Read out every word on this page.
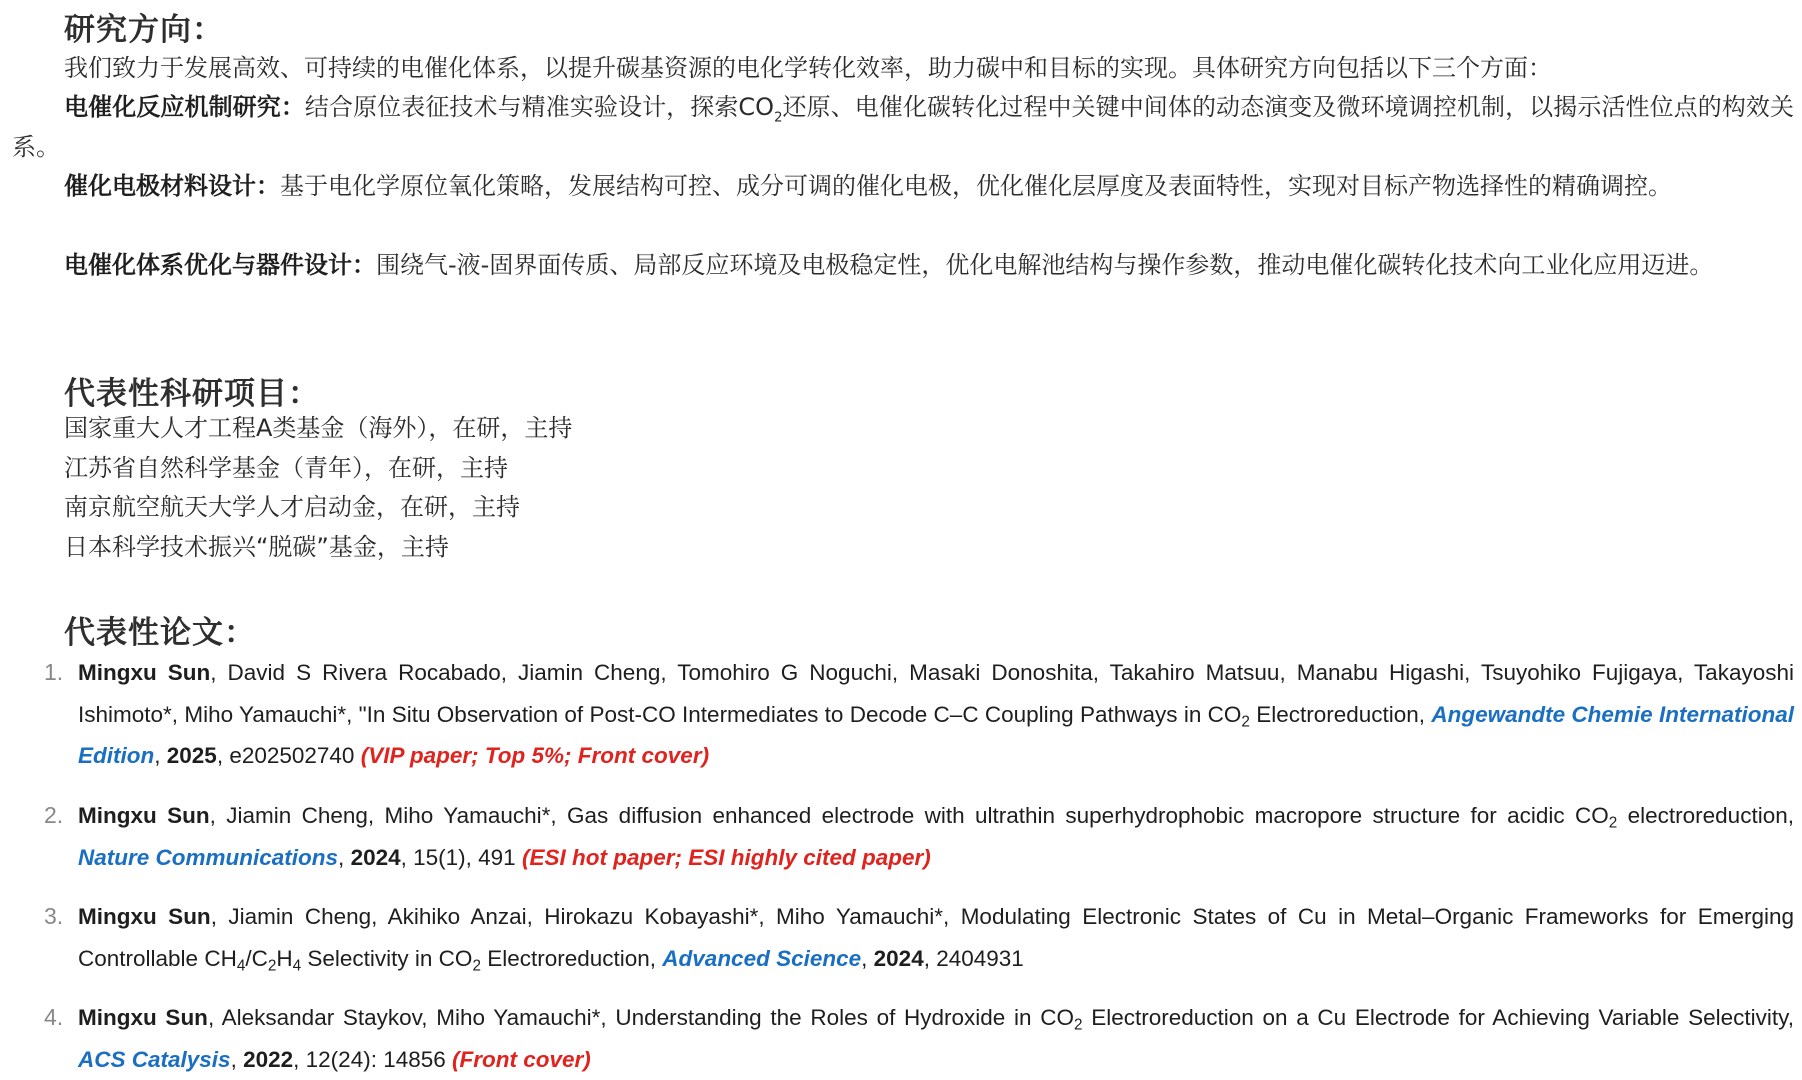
研究方向：
我们致力于发展高效、可持续的电催化体系，以提升碳基资源的电化学转化效率，助力碳中和目标的实现。具体研究方向包括以下三个方面：
电催化反应机制研究：结合原位表征技术与精准实验设计，探索$CO_2$还原、电催化碳转化过程中关键中间体的动态演变及微环境调控机制，以揭示活性位点的构效关系。
催化电极材料设计：基于电化学原位氧化策略，发展结构可控、成分可调的催化电极，优化催化层厚度及表面特性，实现对目标产物选择性的精确调控。
电催化体系优化与器件设计：围绕气-液-固界面传质、局部反应环境及电极稳定性，优化电解池结构与操作参数，推动电催化碳转化技术向工业化应用迈进。
代表性科研项目：
国家重大人才工程A类基金（海外），在研，主持
江苏省自然科学基金（青年），在研，主持
南京航空航天大学人才启动金，在研，主持
日本科学技术振兴“脱碳”基金，主持
代表性论文：
1. Mingxu Sun, David S Rivera Rocabado, Jiamin Cheng, Tomohiro G Noguchi, Masaki Donoshita, Takahiro Matsuu, Manabu Higashi, Tsuyohiko Fujigaya, Takayoshi Ishimoto*, Miho Yamauchi*, "In Situ Observation of Post-CO Intermediates to Decode C–C Coupling Pathways in $CO_2$ Electroreduction, Angewandte Chemie International Edition, 2025, e202502740 (VIP paper; Top 5%; Front cover)
2. Mingxu Sun, Jiamin Cheng, Miho Yamauchi*, Gas diffusion enhanced electrode with ultrathin superhydrophobic macropore structure for acidic $CO_2$ electroreduction, Nature Communications, 2024, 15(1), 491 (ESI hot paper; ESI highly cited paper)
3. Mingxu Sun, Jiamin Cheng, Akihiko Anzai, Hirokazu Kobayashi*, Miho Yamauchi*, Modulating Electronic States of Cu in Metal–Organic Frameworks for Emerging Controllable $CH_4/C_2H_4$ Selectivity in $CO_2$ Electroreduction, Advanced Science, 2024, 2404931
4. Mingxu Sun, Aleksandar Staykov, Miho Yamauchi*, Understanding the Roles of Hydroxide in $CO_2$ Electroreduction on a Cu Electrode for Achieving Variable Selectivity, ACS Catalysis, 2022, 12(24): 14856 (Front cover)
